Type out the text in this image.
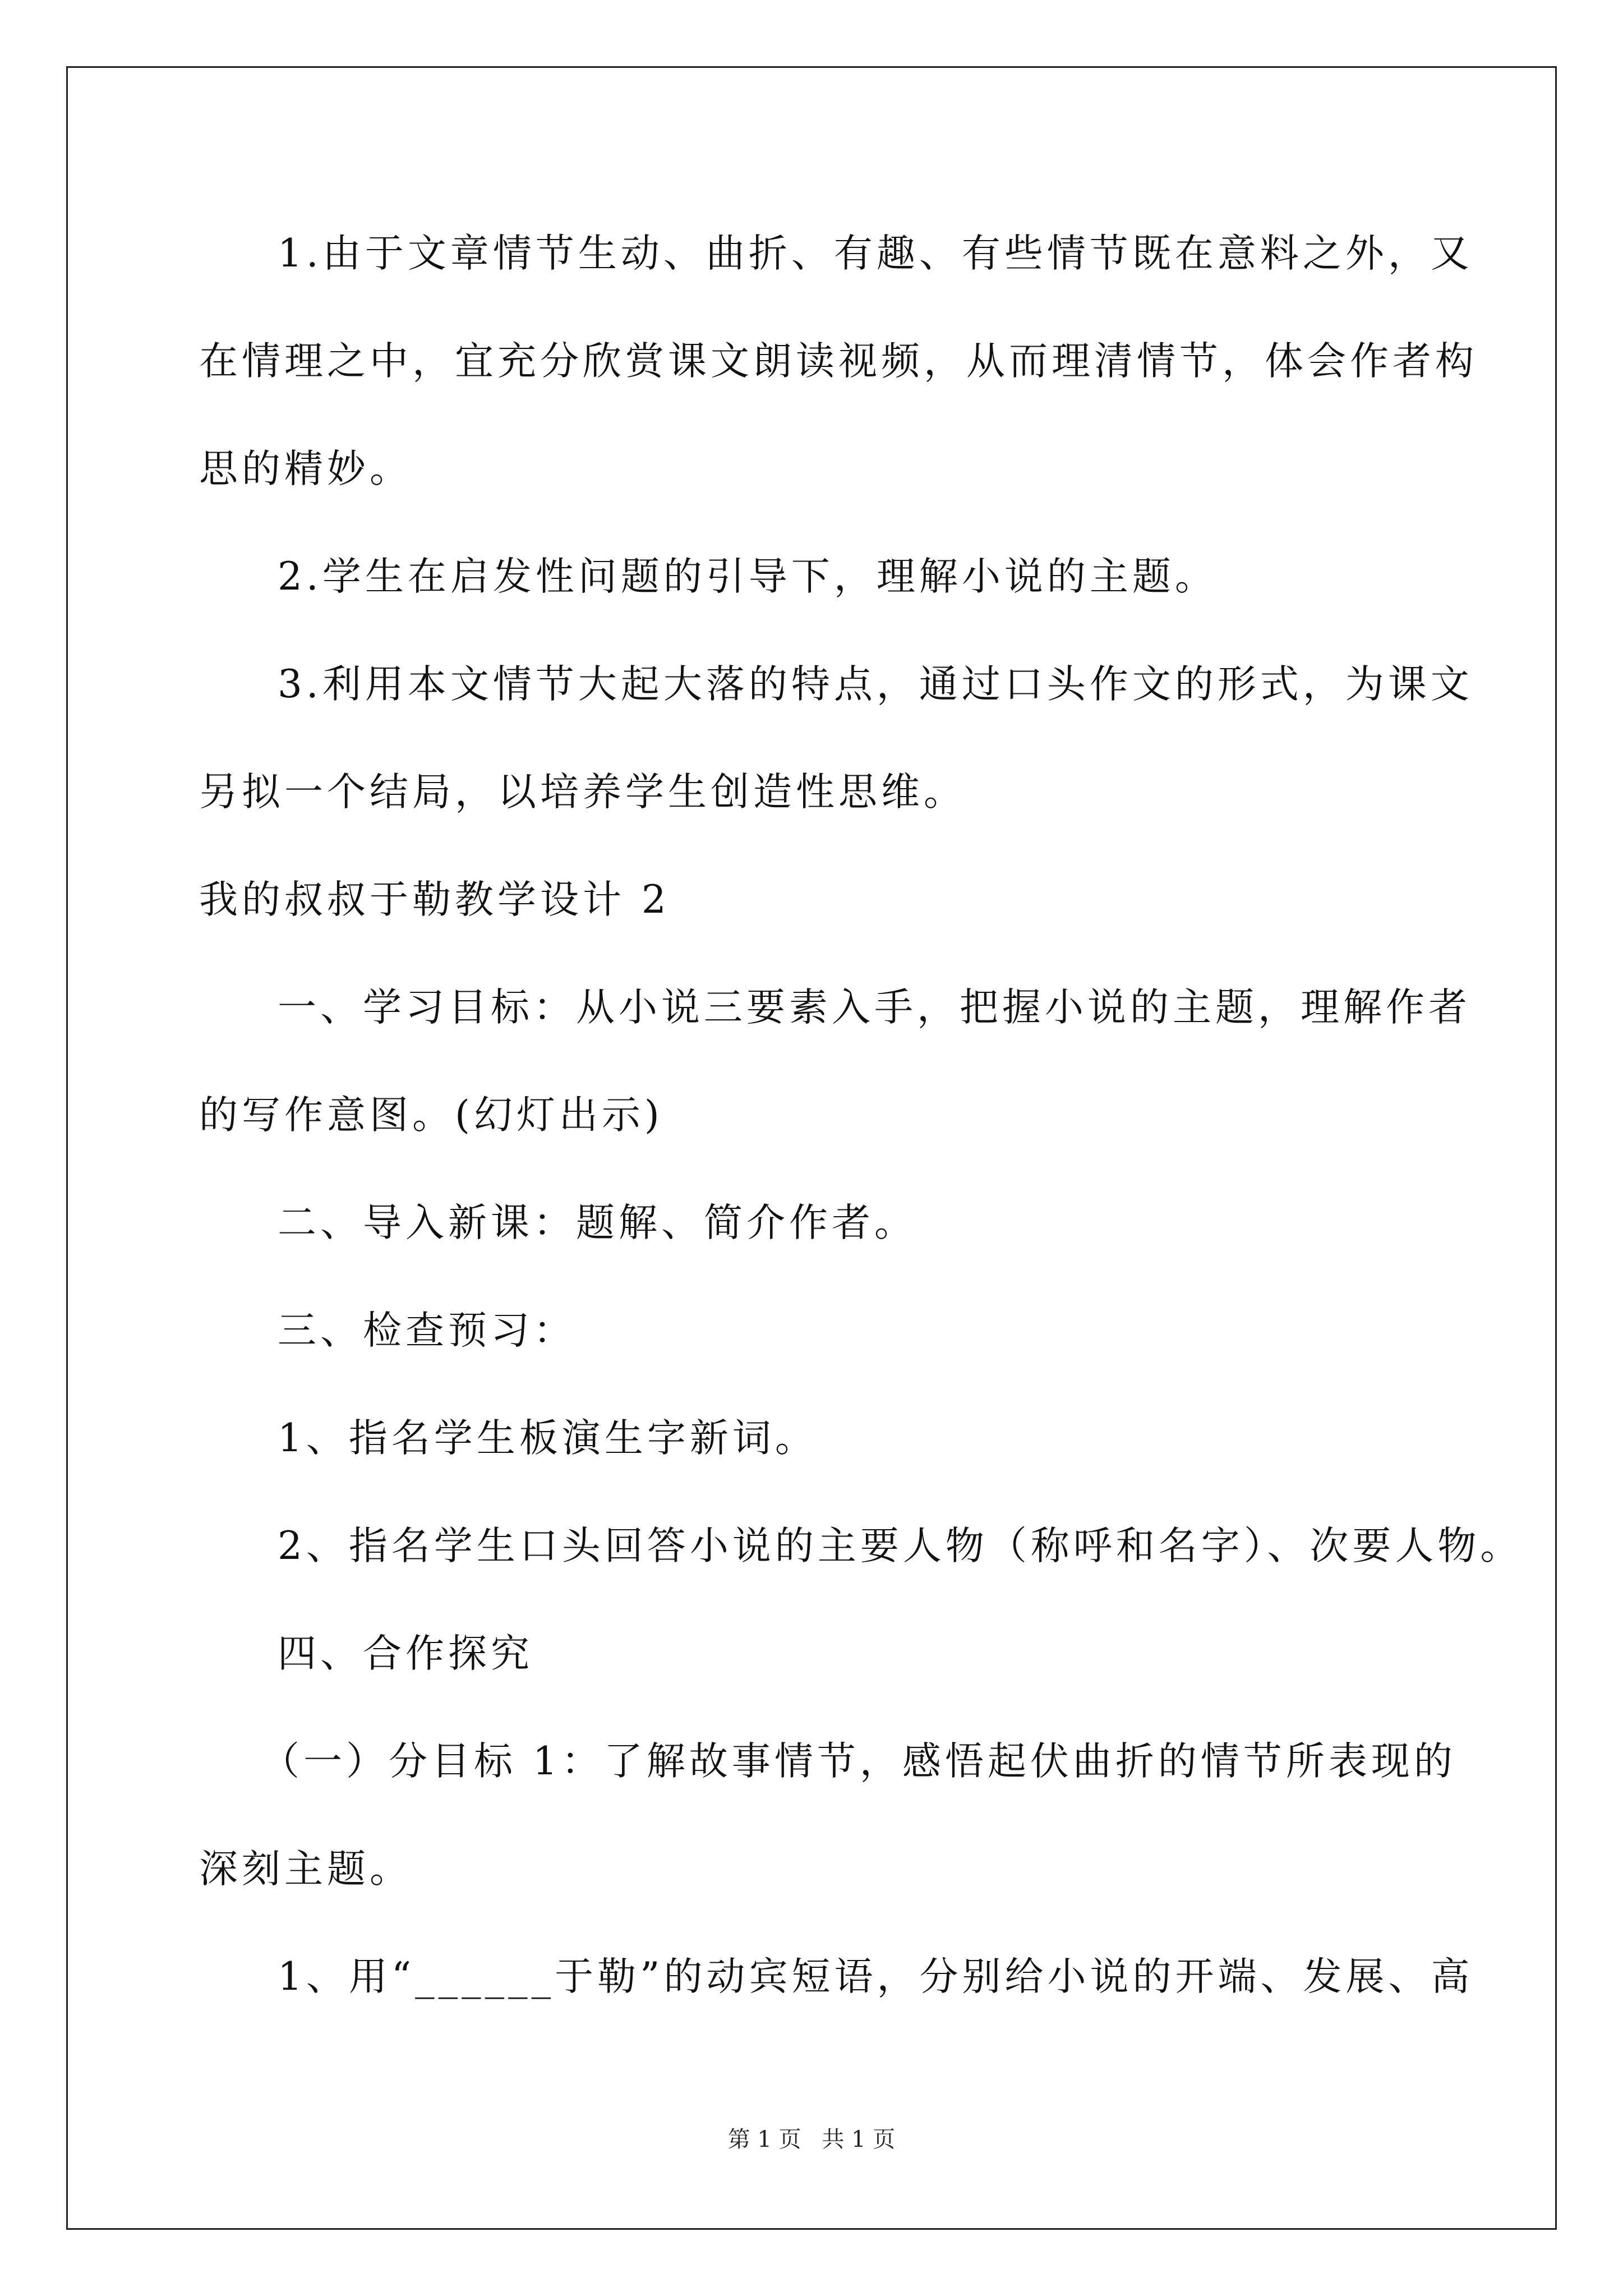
1.由于文章情节生动、曲折、有趣、有些情节既在意料之外，又
在情理之中，宜充分欣赏课文朗读视频，从而理清情节，体会作者构
思的精妙。
2.学生在启发性问题的引导下，理解小说的主题。
3.利用本文情节大起大落的特点，通过口头作文的形式，为课文
另拟一个结局，以培养学生创造性思维。
我的叔叔于勒教学设计 2
一、学习目标：从小说三要素入手，把握小说的主题，理解作者
的写作意图。(幻灯出示)
二、导入新课：题解、简介作者。
三、检查预习：
1、指名学生板演生字新词。
2、指名学生口头回答小说的主要人物（称呼和名字）、次要人物。
四、合作探究
（一）分目标 1：了解故事情节，感悟起伏曲折的情节所表现的
深刻主题。
1、用“______于勒”的动宾短语，分别给小说的开端、发展、高
第 1 页 共 1 页
